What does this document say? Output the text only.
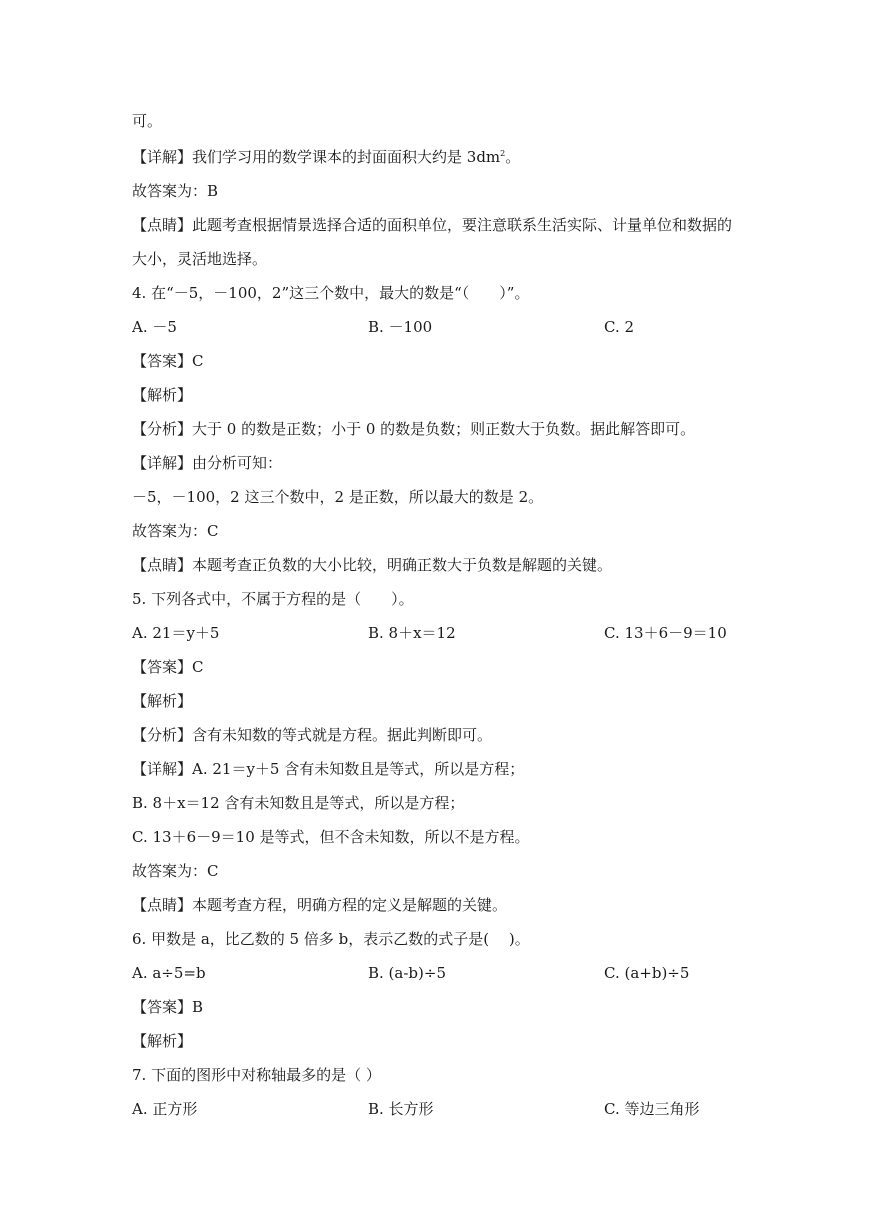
可。
【详解】我们学习用的数学课本的封面面积大约是 $3dm^2$。
故答案为：B
【点睛】此题考查根据情景选择合适的面积单位，要注意联系生活实际、计量单位和数据的
大小，灵活地选择。
4. 在“－5，－100，2”这三个数中，最大的数是“（　　）”。
A. －5	B. －100	C. 2
【答案】C
【解析】
【分析】大于 0 的数是正数；小于 0 的数是负数；则正数大于负数。据此解答即可。
【详解】由分析可知：
－5，－100，2 这三个数中，2 是正数，所以最大的数是 2。
故答案为：C
【点睛】本题考查正负数的大小比较，明确正数大于负数是解题的关键。
5. 下列各式中，不属于方程的是（　　）。
A. 21＝y＋5	B. 8＋x＝12	C. 13＋6－9＝10
【答案】C
【解析】
【分析】含有未知数的等式就是方程。据此判断即可。
【详解】A. 21＝y＋5 含有未知数且是等式，所以是方程；
B. 8＋x＝12 含有未知数且是等式，所以是方程；
C. 13＋6－9＝10 是等式，但不含未知数，所以不是方程。
故答案为：C
【点睛】本题考查方程，明确方程的定义是解题的关键。
6. 甲数是 a，比乙数的 5 倍多 b，表示乙数的式子是(　 )。
A. a÷5=b	B. (a-b)÷5	C. (a+b)÷5
【答案】B
【解析】
7. 下面的图形中对称轴最多的是（ ）
A. 正方形	B. 长方形	C. 等边三角形
